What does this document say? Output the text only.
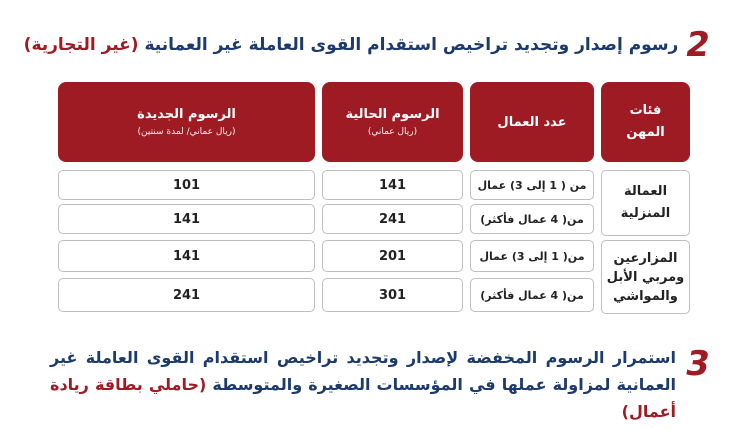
2
رسوم إصدار وتجديد تراخيص استقدام القوى العاملة غير العمانية (غير التجارية)
فئات المهن
عدد العمال
الرسوم الحالية
(ريال عماني)
الرسوم الجديدة
(ريال عماني/ لمدة سنتين)
العمالة
المنزلية
من ( 1 إلى 3) عمال
141
101
من( 4 عمال فأكثر)
241
141
المزارعين
ومربي الأبل
والمواشي
من( 1 إلى 3) عمال
201
141
من( 4 عمال فأكثر)
301
241
3
استمرار الرسوم المخفضة لإصدار وتجديد تراخيص استقدام القوى العاملة غير العمانية لمزاولة عملها في المؤسسات الصغيرة والمتوسطة (حاملي بطاقة ريادة أعمال)
